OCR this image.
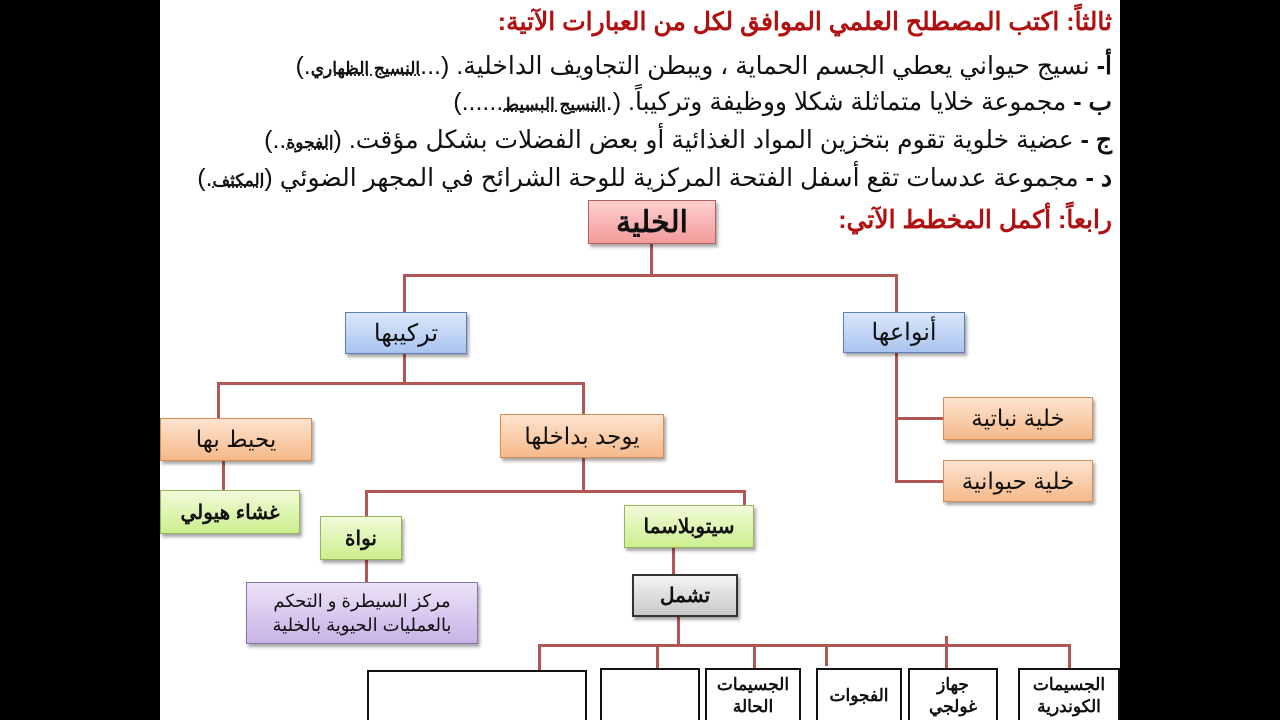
ثالثاً: اكتب المصطلح العلمي الموافق لكل من العبارات الآتية:
أ- نسيج حيواني يعطي الجسم الحماية ، ويبطن التجاويف الداخلية. (...النسيج الظهاري.)
ب - مجموعة خلايا متماثلة شكلا ووظيفة وتركيباً. (.النسيج البسيط......)
ج - عضية خلوية تقوم بتخزين المواد الغذائية أو بعض الفضلات بشكل مؤقت. (الفجوة..)
د - مجموعة عدسات تقع أسفل الفتحة المركزية للوحة الشرائح في المجهر الضوئي (المكثف.)
رابعاً: أكمل المخطط الآتي:
الخلية
تركيبها	أنواعها
خلية نباتية
خلية حيوانية
يحيط بها	يوجد بداخلها
غشاء هيولي
نواة
سيتوبلاسما
مركز السيطرة و التحكم
بالعمليات الحيوية بالخلية
تشمل
الجسيمات
الكوندرية
جهاز
غولجي
الفجوات
الجسيمات
الحالة
